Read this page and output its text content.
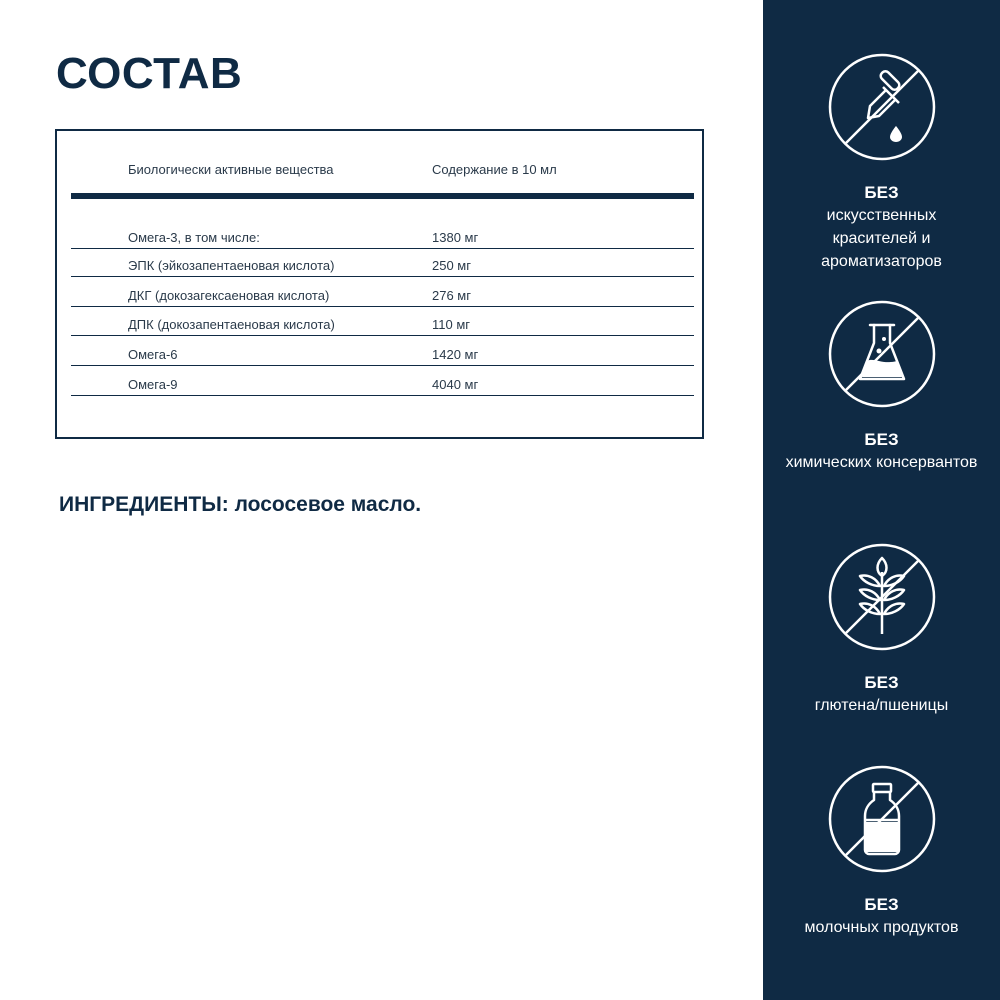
СОСТАВ
Биологически активные вещества	Содержание в 10 мл
Омега-3, в том числе:	1380 мг
ЭПК (эйкозапентаеновая кислота)	250 мг
ДКГ (докозагексаеновая кислота)	276 мг
ДПК (докозапентаеновая кислота)	110 мг
Омега-6	1420 мг
Омега-9	4040 мг
ИНГРЕДИЕНТЫ: лососевое масло.
БЕЗ
искусственных красителей и ароматизаторов
БЕЗ
химических консервантов
БЕЗ
глютена/пшеницы
БЕЗ
молочных продуктов
